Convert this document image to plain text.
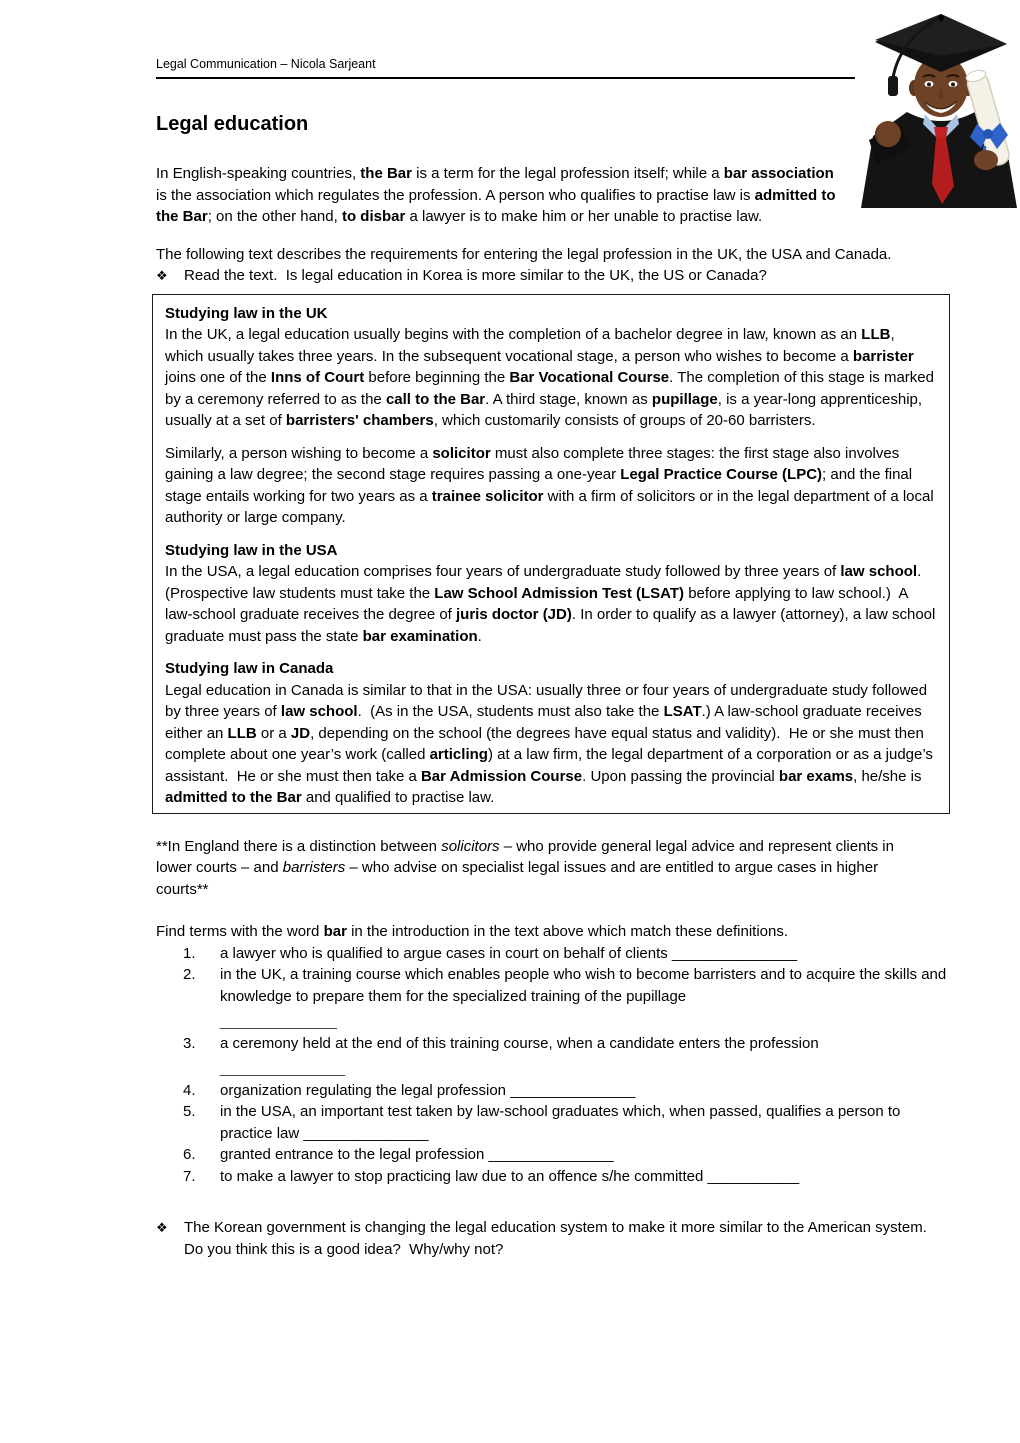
Legal Communication – Nicola Sarjeant
Legal education

In English-speaking countries, the Bar is a term for the legal profession itself; while a bar association is the association which regulates the profession. A person who qualifies to practise law is admitted to the Bar; on the other hand, to disbar a lawyer is to make him or her unable to practise law.

The following text describes the requirements for entering the legal profession in the UK, the USA and Canada.

❖	Read the text.  Is legal education in Korea is more similar to the UK, the US or Canada?
Studying law in the UK

In the UK, a legal education usually begins with the completion of a bachelor degree in law, known as an LLB, which usually takes three years. In the subsequent vocational stage, a person who wishes to become a barrister joins one of the Inns of Court before beginning the Bar Vocational Course. The completion of this stage is marked by a ceremony referred to as the call to the Bar. A third stage, known as pupillage, is a year-long apprenticeship, usually at a set of barristers' chambers, which customarily consists of groups of 20-60 barristers.

Similarly, a person wishing to become a solicitor must also complete three stages: the first stage also involves gaining a law degree; the second stage requires passing a one-year Legal Practice Course (LPC); and the final stage entails working for two years as a trainee solicitor with a firm of solicitors or in the legal department of a local authority or large company.

Studying law in the USA

In the USA, a legal education comprises four years of undergraduate study followed by three years of law school. (Prospective law students must take the Law School Admission Test (LSAT) before applying to law school.)  A law-school graduate receives the degree of juris doctor (JD). In order to qualify as a lawyer (attorney), a law school graduate must pass the state bar examination.

Studying law in Canada

Legal education in Canada is similar to that in the USA: usually three or four years of undergraduate study followed by three years of law school.  (As in the USA, students must also take the LSAT.) A law-school graduate receives either an LLB or a JD, depending on the school (the degrees have equal status and validity).  He or she must then complete about one year’s work (called articling) at a law firm, the legal department of a corporation or as a judge’s assistant.  He or she must then take a Bar Admission Course. Upon passing the provincial bar exams, he/she is admitted to the Bar and qualified to practise law.

**In England there is a distinction between solicitors – who provide general legal advice and represent clients in lower courts – and barristers – who advise on specialist legal issues and are entitled to argue cases in higher courts**

Find terms with the word bar in the introduction in the text above which match these definitions.

1.	a lawyer who is qualified to argue cases in court on behalf of clients _______________
2.	in the UK, a training course which enables people who wish to become barristers and to acquire the skills and knowledge to prepare them for the specialized training of the pupillage
______________
3.	a ceremony held at the end of this training course, when a candidate enters the profession
_______________
4.	organization regulating the legal profession _______________
5.	in the USA, an important test taken by law-school graduates which, when passed, qualifies a person to practice law _______________
6.	granted entrance to the legal profession _______________
7.	to make a lawyer to stop practicing law due to an offence s/he committed ___________
❖	The Korean government is changing the legal education system to make it more similar to the American system.  Do you think this is a good idea?  Why/why not?
